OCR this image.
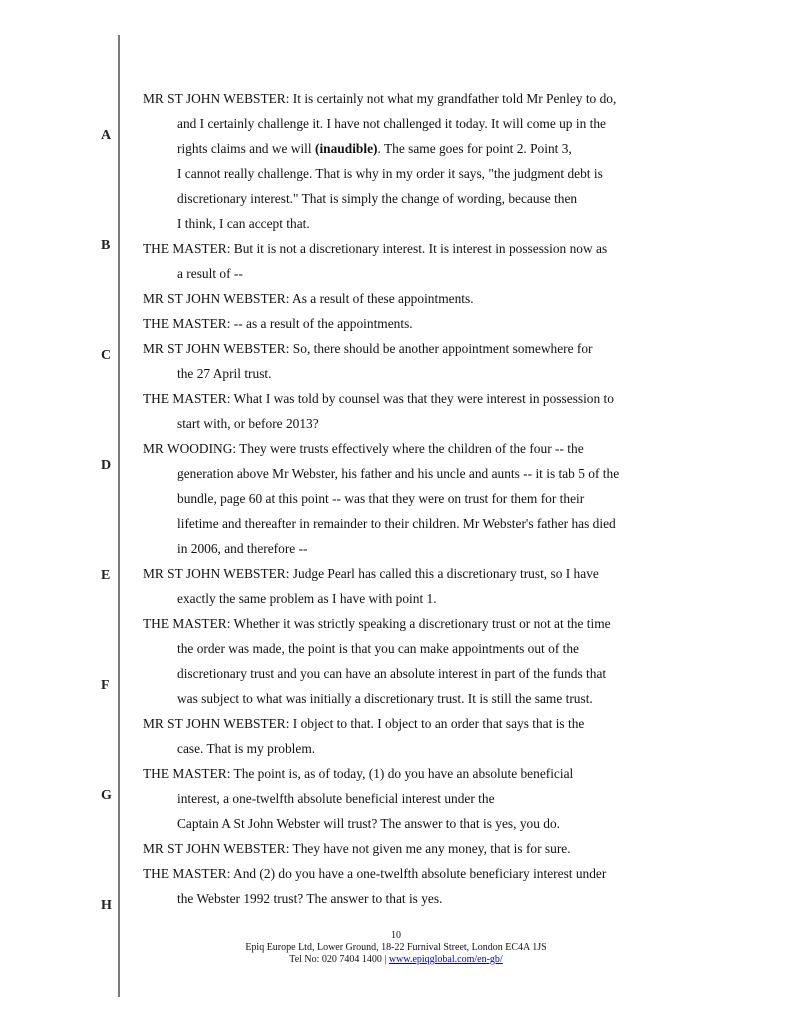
A
B
C
D
E
F
G
H
MR ST JOHN WEBSTER: It is certainly not what my grandfather told Mr Penley to do,
and I certainly challenge it. I have not challenged it today. It will come up in the
rights claims and we will (inaudible). The same goes for point 2. Point 3,
I cannot really challenge. That is why in my order it says, "the judgment debt is
discretionary interest." That is simply the change of wording, because then
I think, I can accept that.
THE MASTER: But it is not a discretionary interest. It is interest in possession now as
a result of --
MR ST JOHN WEBSTER: As a result of these appointments.
THE MASTER: -- as a result of the appointments.
MR ST JOHN WEBSTER: So, there should be another appointment somewhere for
the 27 April trust.
THE MASTER: What I was told by counsel was that they were interest in possession to
start with, or before 2013?
MR WOODING: They were trusts effectively where the children of the four -- the
generation above Mr Webster, his father and his uncle and aunts -- it is tab 5 of the
bundle, page 60 at this point -- was that they were on trust for them for their
lifetime and thereafter in remainder to their children. Mr Webster's father has died
in 2006, and therefore --
MR ST JOHN WEBSTER: Judge Pearl has called this a discretionary trust, so I have
exactly the same problem as I have with point 1.
THE MASTER: Whether it was strictly speaking a discretionary trust or not at the time
the order was made, the point is that you can make appointments out of the
discretionary trust and you can have an absolute interest in part of the funds that
was subject to what was initially a discretionary trust. It is still the same trust.
MR ST JOHN WEBSTER: I object to that. I object to an order that says that is the
case. That is my problem.
THE MASTER: The point is, as of today, (1) do you have an absolute beneficial
interest, a one-twelfth absolute beneficial interest under the
Captain A St John Webster will trust? The answer to that is yes, you do.
MR ST JOHN WEBSTER: They have not given me any money, that is for sure.
THE MASTER: And (2) do you have a one-twelfth absolute beneficiary interest under
the Webster 1992 trust? The answer to that is yes.
10
Epiq Europe Ltd, Lower Ground, 18-22 Furnival Street, London EC4A 1JS
Tel No: 020 7404 1400 | www.epiqglobal.com/en-gb/
